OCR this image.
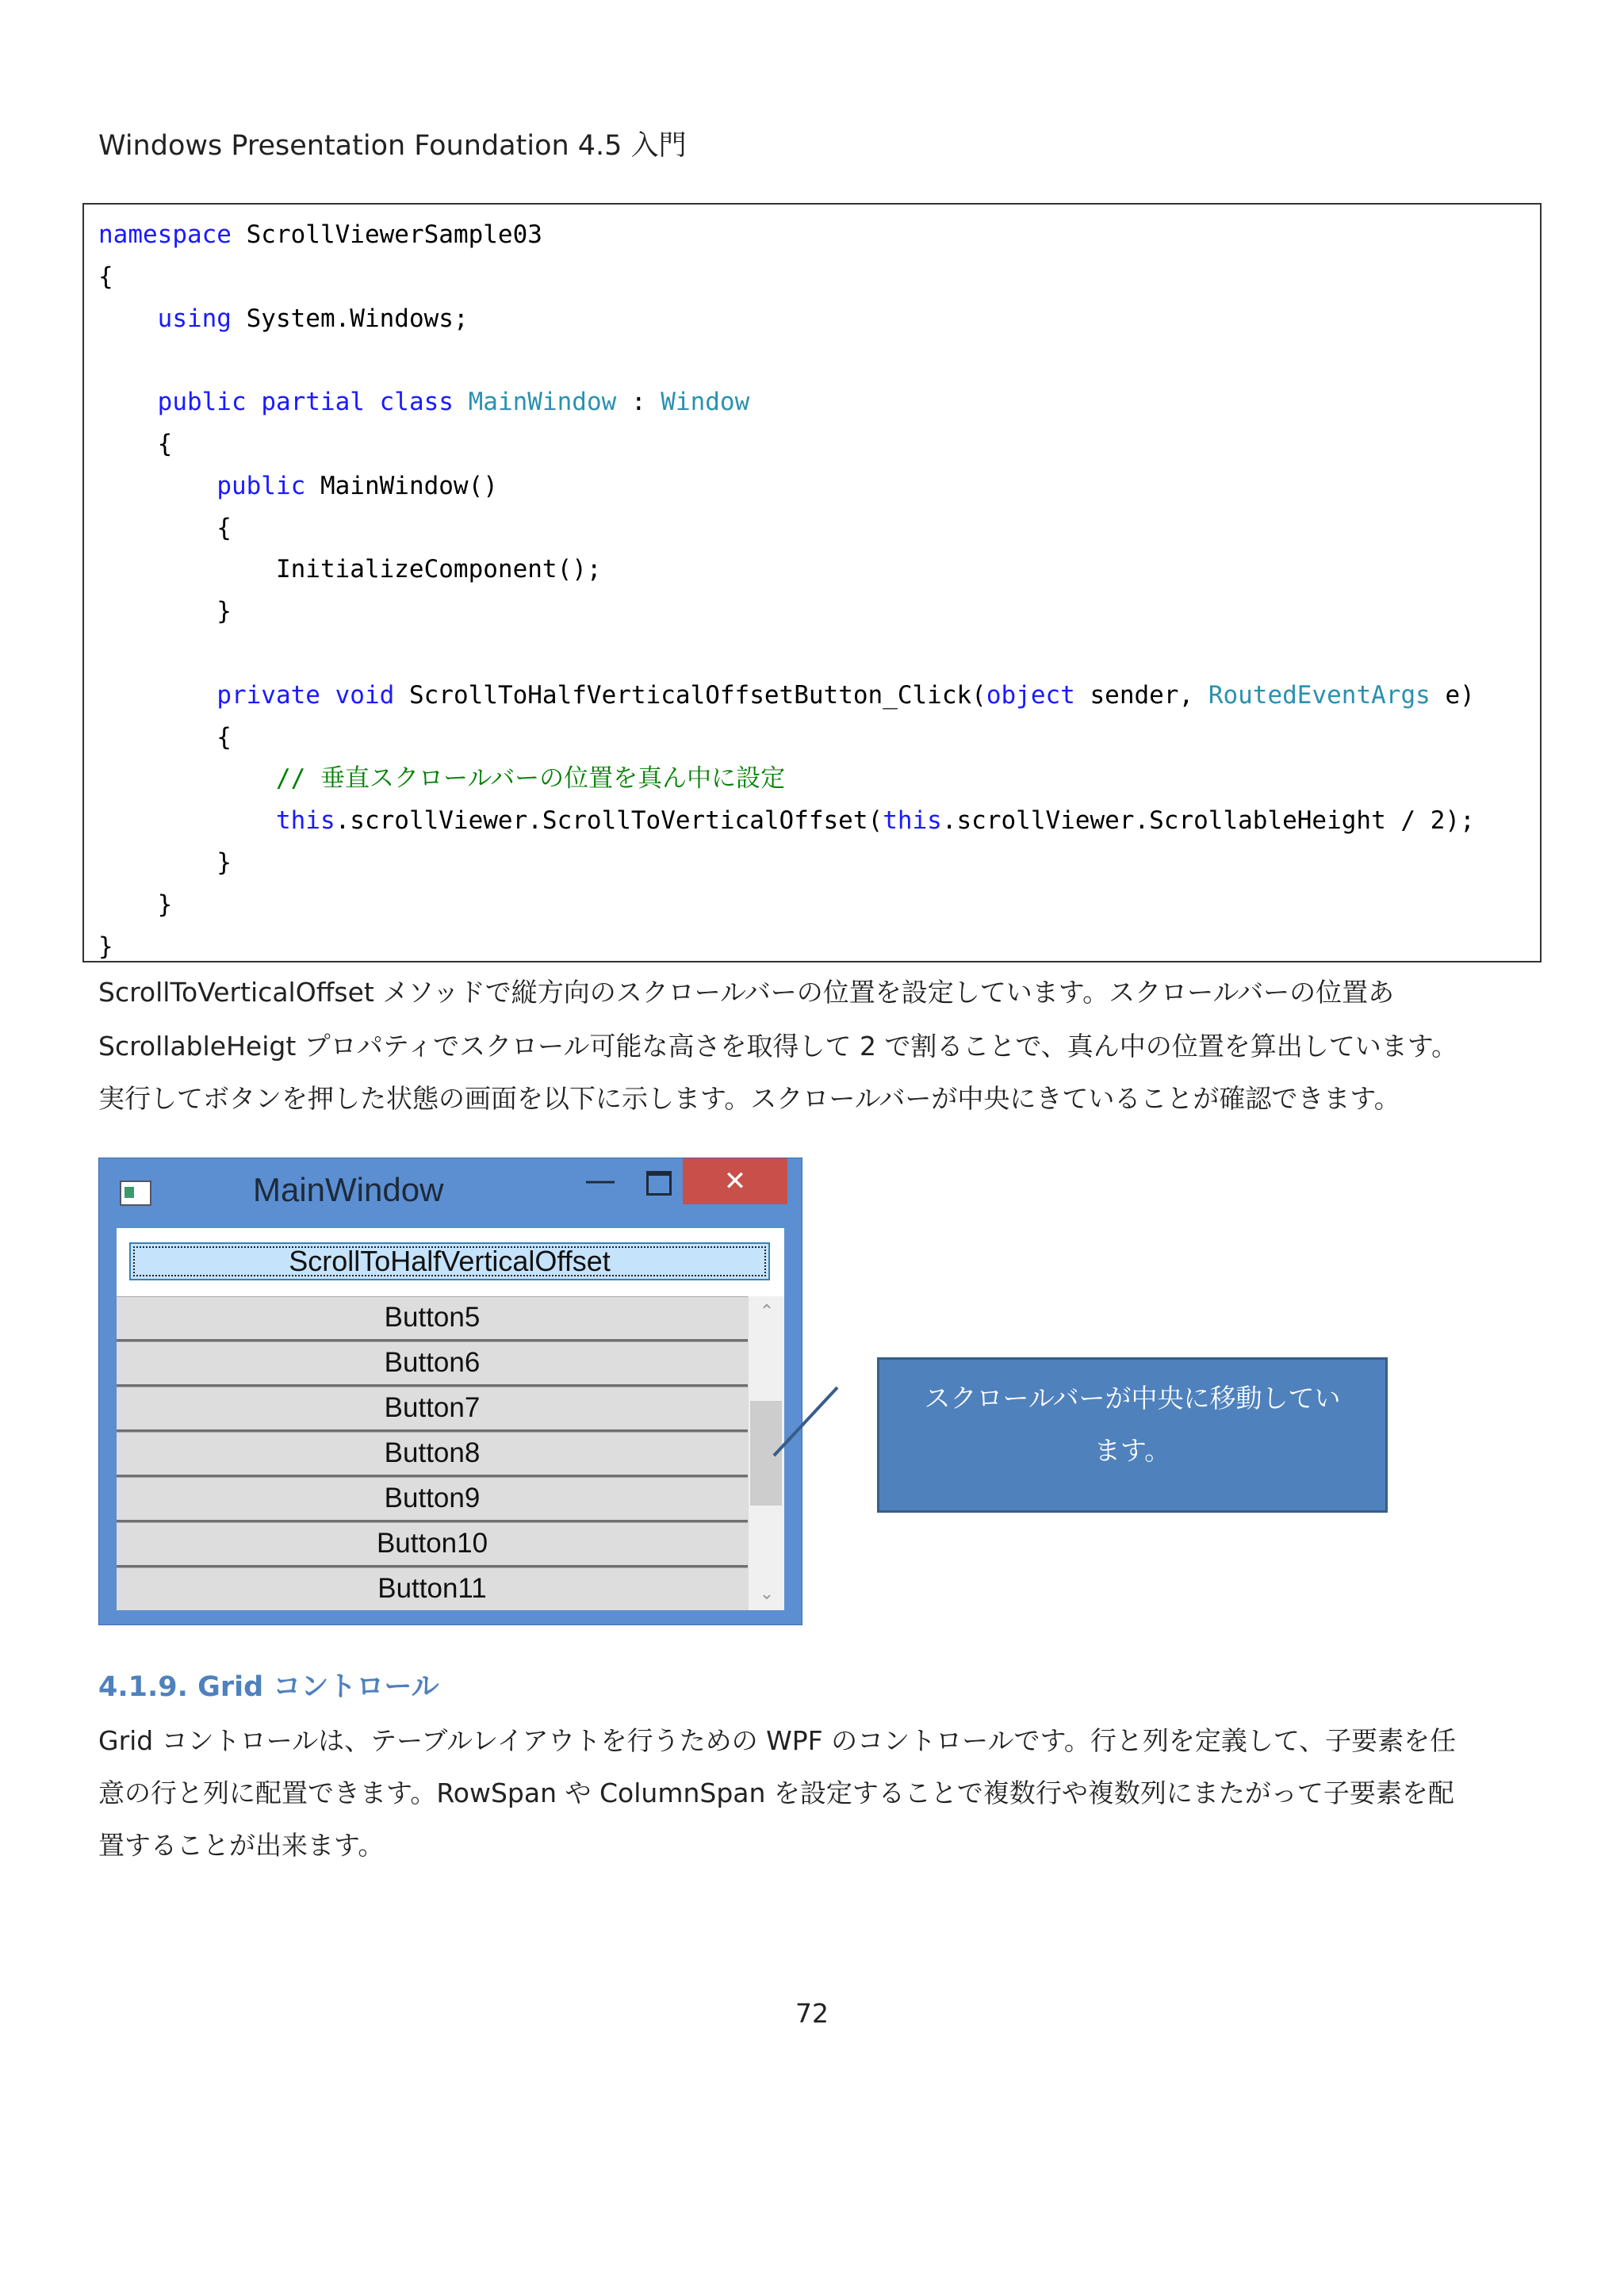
Windows Presentation Foundation 4.5 入門
namespace ScrollViewerSample03
{
using System.Windows;

public partial class MainWindow : Window
{
public MainWindow()
{
InitializeComponent();
}

private void ScrollToHalfVerticalOffsetButton_Click(object sender, RoutedEventArgs e)
{
// 垂直スクロールバーの位置を真ん中に設定
this.scrollViewer.ScrollToVerticalOffset(this.scrollViewer.ScrollableHeight / 2);
}
}
}
ScrollToVerticalOffset メソッドで縦方向のスクロールバーの位置を設定しています。スクロールバーの位置あ
ScrollableHeigt プロパティでスクロール可能な高さを取得して 2 で割ることで、真ん中の位置を算出しています。
実行してボタンを押した状態の画面を以下に示します。スクロールバーが中央にきていることが確認できます。
MainWindow	—	✕
ScrollToHalfVerticalOffset
Button5
Button6
Button7
Button8
Button9
Button10
Button11
⌃
⌄
スクロールバーが中央に移動してい
ます。
4.1.9. Grid コントロール
Grid コントロールは、テーブルレイアウトを行うための WPF のコントロールです。行と列を定義して、子要素を任
意の行と列に配置できます。RowSpan や ColumnSpan を設定することで複数行や複数列にまたがって子要素を配
置することが出来ます。
72
